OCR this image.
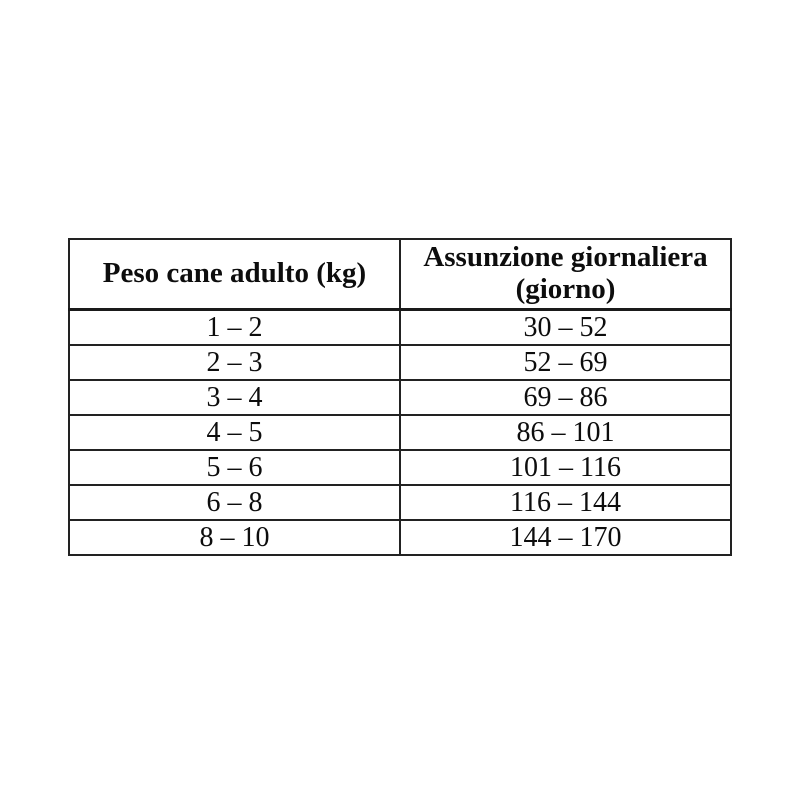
Peso cane adulto (kg)	Assunzione giornaliera (giorno)
1 – 2	30 – 52
2 – 3	52 – 69
3 – 4	69 – 86
4 – 5	86 – 101
5 – 6	101 – 116
6 – 8	116 – 144
8 – 10	144 – 170
